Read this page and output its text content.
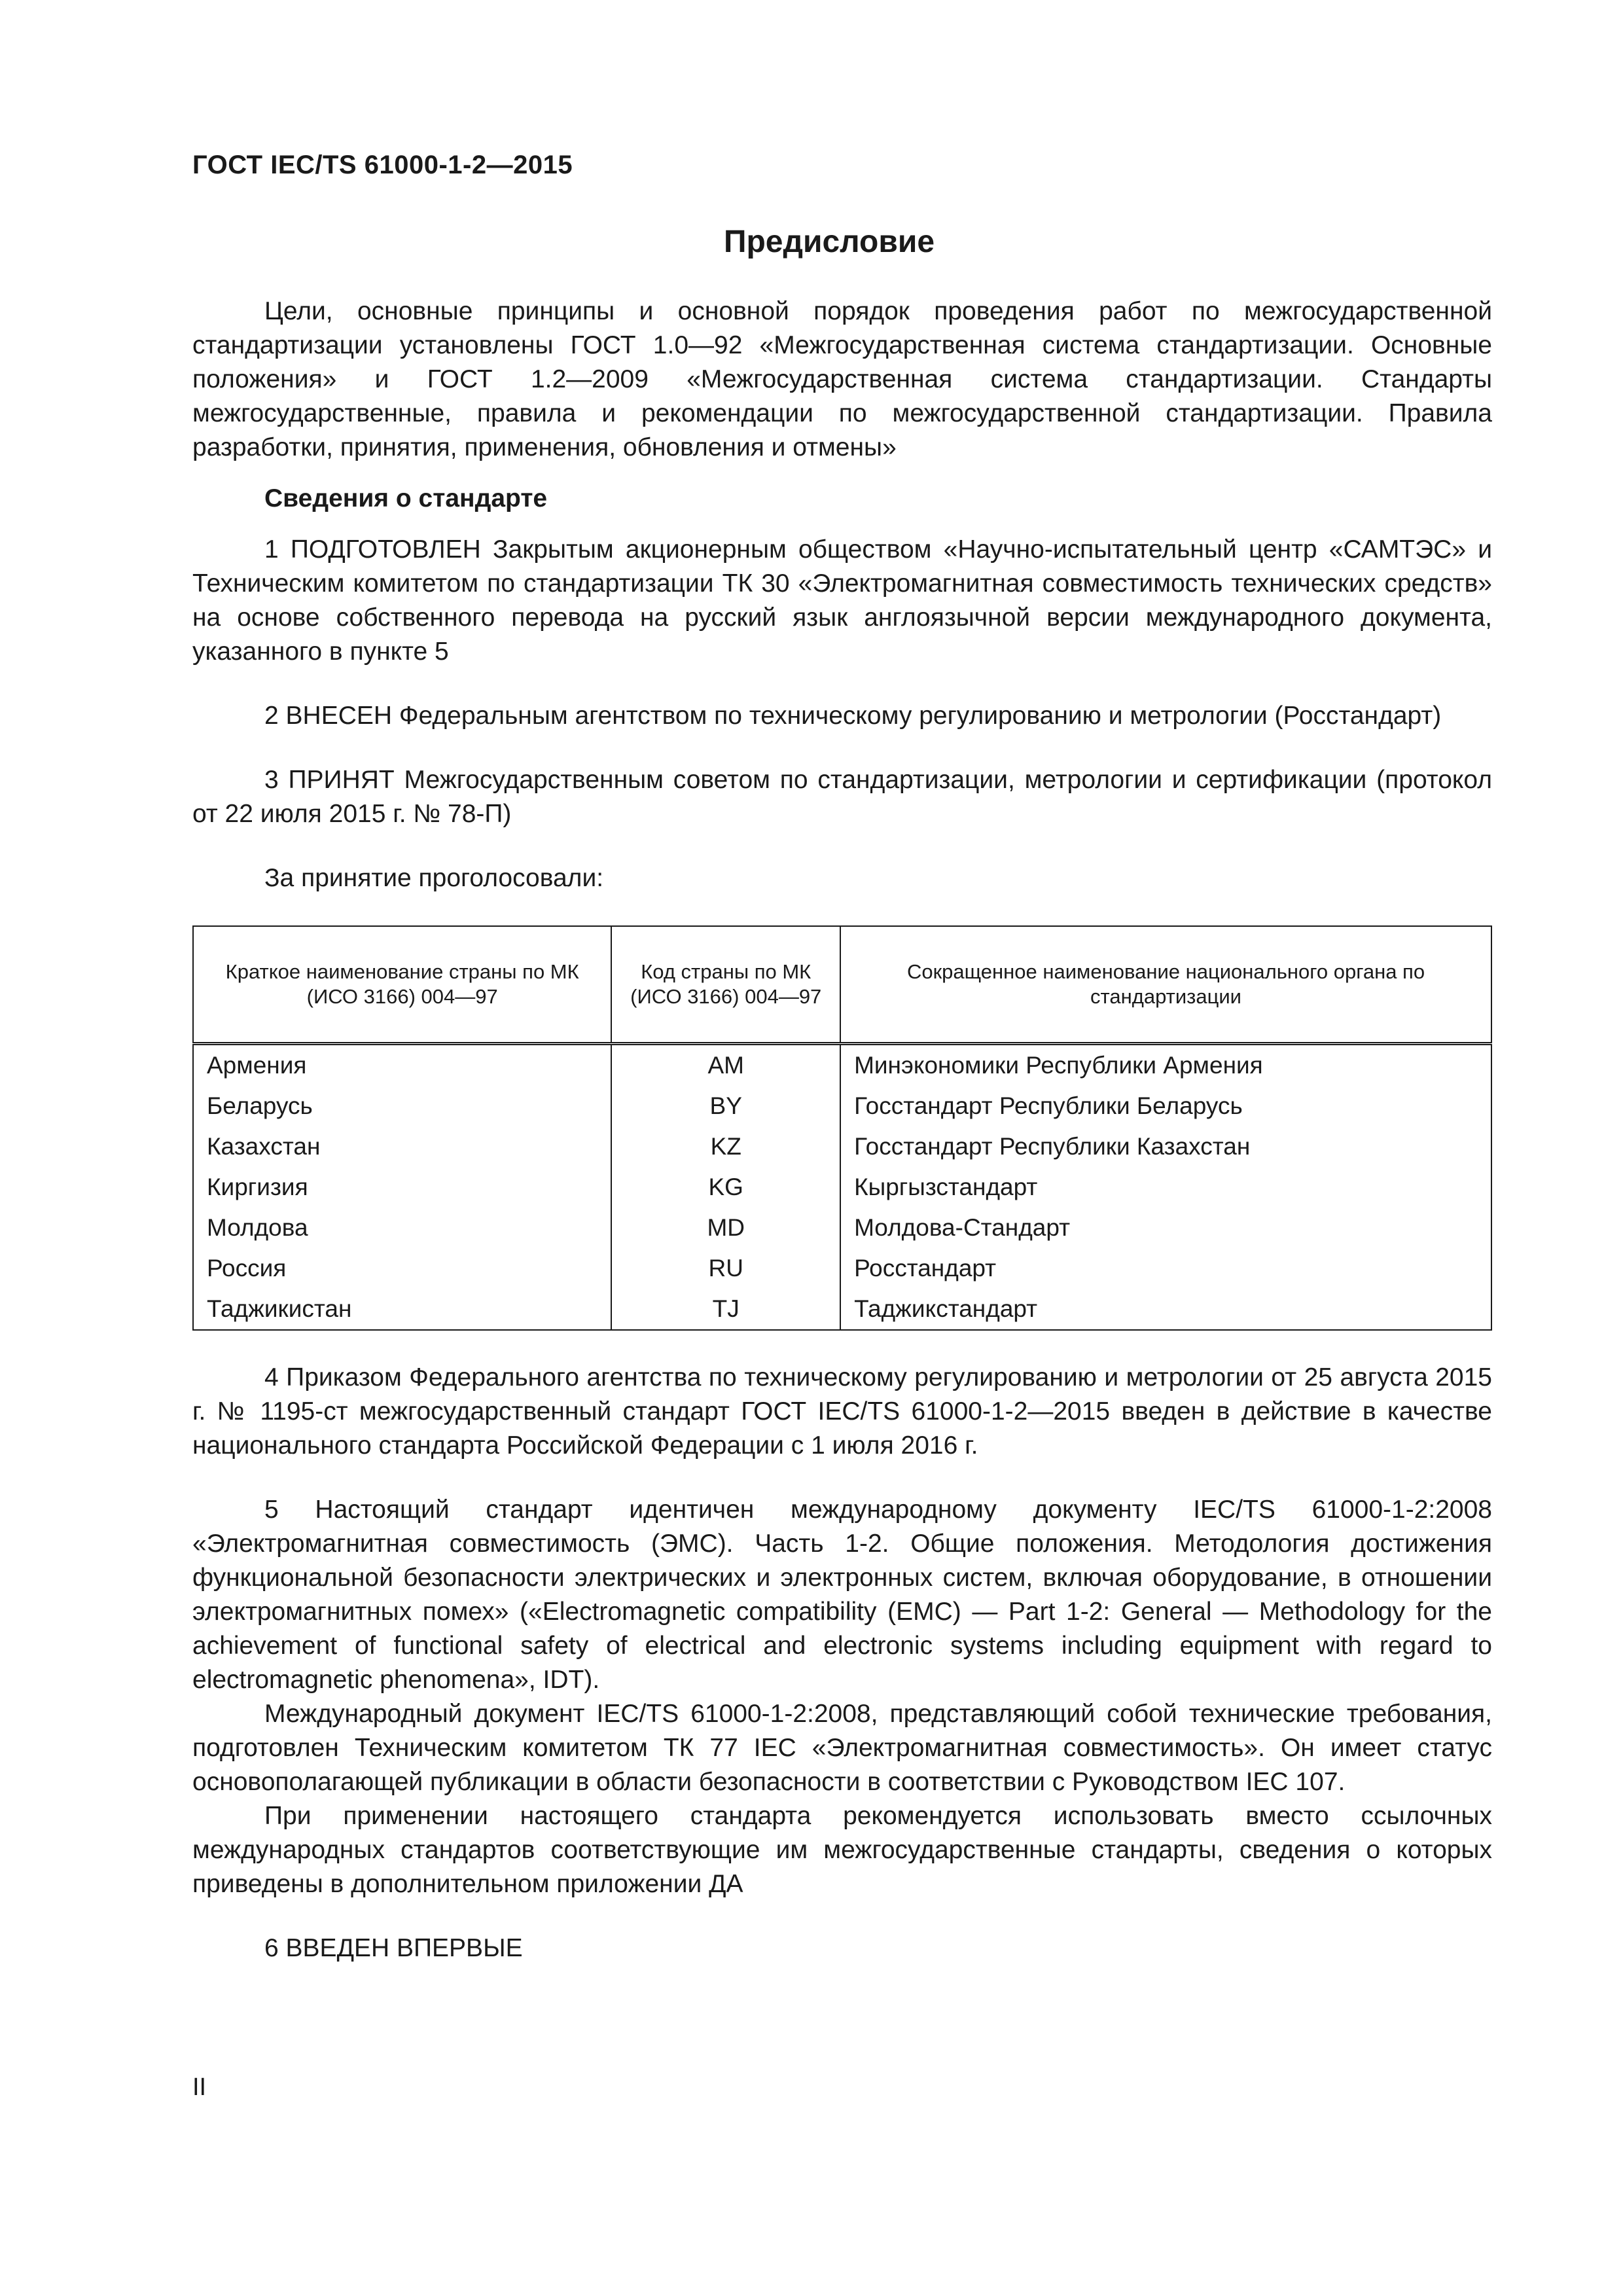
ГОСТ IEC/TS 61000-1-2—2015
Предисловие

Цели, основные принципы и основной порядок проведения работ по межгосударственной стандартизации установлены ГОСТ 1.0—92 «Межгосударственная система стандартизации. Основные положения» и ГОСТ 1.2—2009 «Межгосударственная система стандартизации. Стандарты межгосударственные, правила и рекомендации по межгосударственной стандартизации. Правила разработки, принятия, применения, обновления и отмены»

Сведения о стандарте

1 ПОДГОТОВЛЕН Закрытым акционерным обществом «Научно-испытательный центр «САМТЭС» и Техническим комитетом по стандартизации ТК 30 «Электромагнитная совместимость технических средств» на основе собственного перевода на русский язык англоязычной версии международного документа, указанного в пункте 5

2 ВНЕСЕН Федеральным агентством по техническому регулированию и метрологии (Росстандарт)

3 ПРИНЯТ Межгосударственным советом по стандартизации, метрологии и сертификации (протокол от 22 июля 2015 г. № 78-П)

За принятие проголосовали:

Краткое наименование страны по МК (ИСО 3166) 004—97	Код страны по МК (ИСО 3166) 004—97	Сокращенное наименование национального органа по стандартизации
Армения	AM	Минэкономики Республики Армения
Беларусь	BY	Госстандарт Республики Беларусь
Казахстан	KZ	Госстандарт Республики Казахстан
Киргизия	KG	Кыргызстандарт
Молдова	MD	Молдова-Стандарт
Россия	RU	Росстандарт
Таджикистан	TJ	Таджикстандарт

4 Приказом Федерального агентства по техническому регулированию и метрологии от 25 августа 2015 г. № 1195-ст межгосударственный стандарт ГОСТ IEC/TS 61000-1-2—2015 введен в действие в качестве национального стандарта Российской Федерации с 1 июля 2016 г.

5 Настоящий стандарт идентичен международному документу IEC/TS 61000-1-2:2008 «Электромагнитная совместимость (ЭМС). Часть 1-2. Общие положения. Методология достижения функциональной безопасности электрических и электронных систем, включая оборудование, в отношении электромагнитных помех» («Electromagnetic compatibility (EMC) — Part 1-2: General — Methodology for the achievement of functional safety of electrical and electronic systems including equipment with regard to electromagnetic phenomena», IDT).

Международный документ IEC/TS 61000-1-2:2008, представляющий собой технические требования, подготовлен Техническим комитетом ТК 77 IEC «Электромагнитная совместимость». Он имеет статус основополагающей публикации в области безопасности в соответствии с Руководством IEC 107.

При применении настоящего стандарта рекомендуется использовать вместо ссылочных международных стандартов соответствующие им межгосударственные стандарты, сведения о которых приведены в дополнительном приложении ДА

6 ВВЕДЕН ВПЕРВЫЕ

II
